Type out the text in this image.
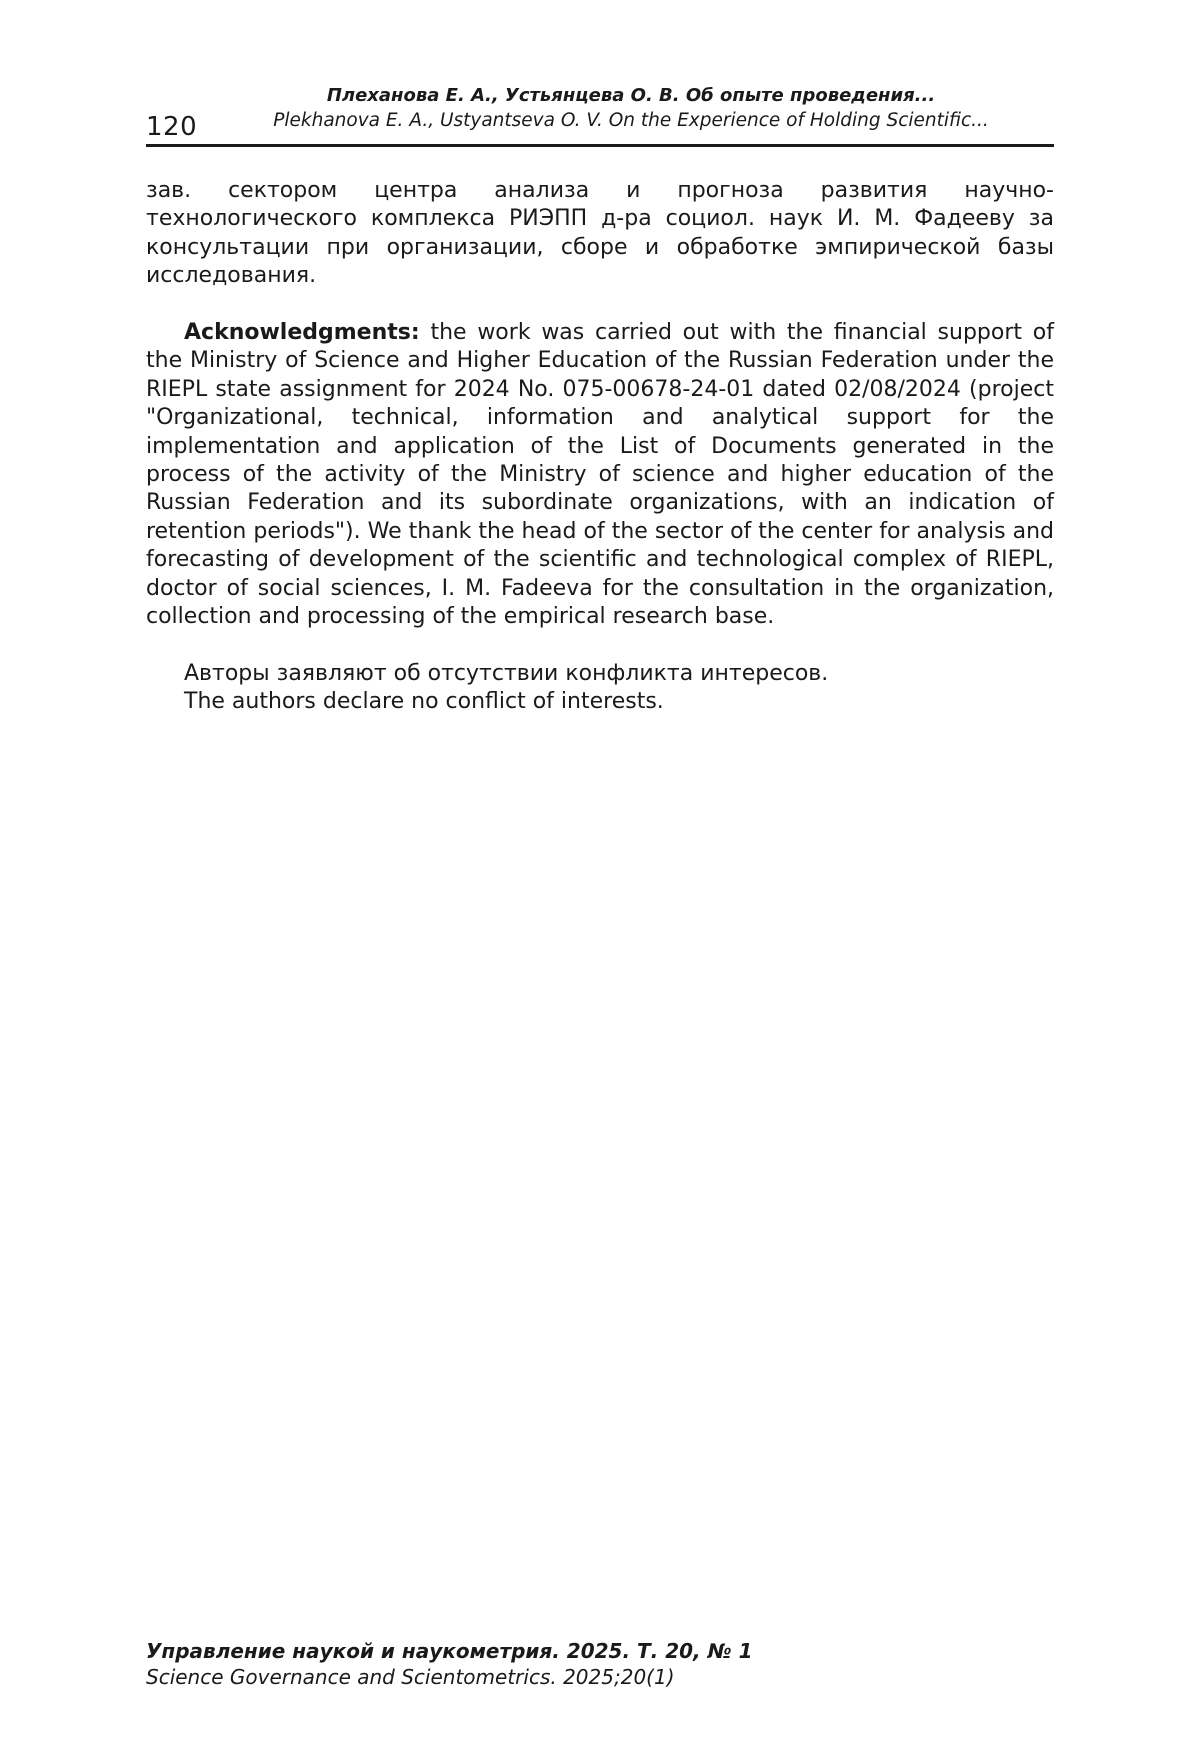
120
Плеханова Е. А., Устьянцева О. В. Об опыте проведения...
Plekhanova E. A., Ustyantseva O. V. On the Experience of Holding Scientific...

зав. сектором центра анализа и прогноза развития научно-технологического комплекса РИЭПП д-ра социол. наук И. М. Фадееву за консультации при организации, сборе и обработке эмпирической базы исследования.

Acknowledgments: the work was carried out with the financial support of the Ministry of Science and Higher Education of the Russian Federation under the RIEPL state assignment for 2024 No. 075-00678-24-01 dated 02/08/2024 (project "Organizational, technical, information and analytical support for the implementation and application of the List of Documents generated in the process of the activity of the Ministry of science and higher education of the Russian Federation and its subordinate organizations, with an indication of retention periods"). We thank the head of the sector of the center for analysis and forecasting of development of the scientific and technological complex of RIEPL, doctor of social sciences, I. M. Fadeeva for the consultation in the organization, collection and processing of the empirical research base.

Авторы заявляют об отсутствии конфликта интересов.
The authors declare no conflict of interests.
Управление наукой и наукометрия. 2025. Т. 20, № 1
Science Governance and Scientometrics. 2025;20(1)
